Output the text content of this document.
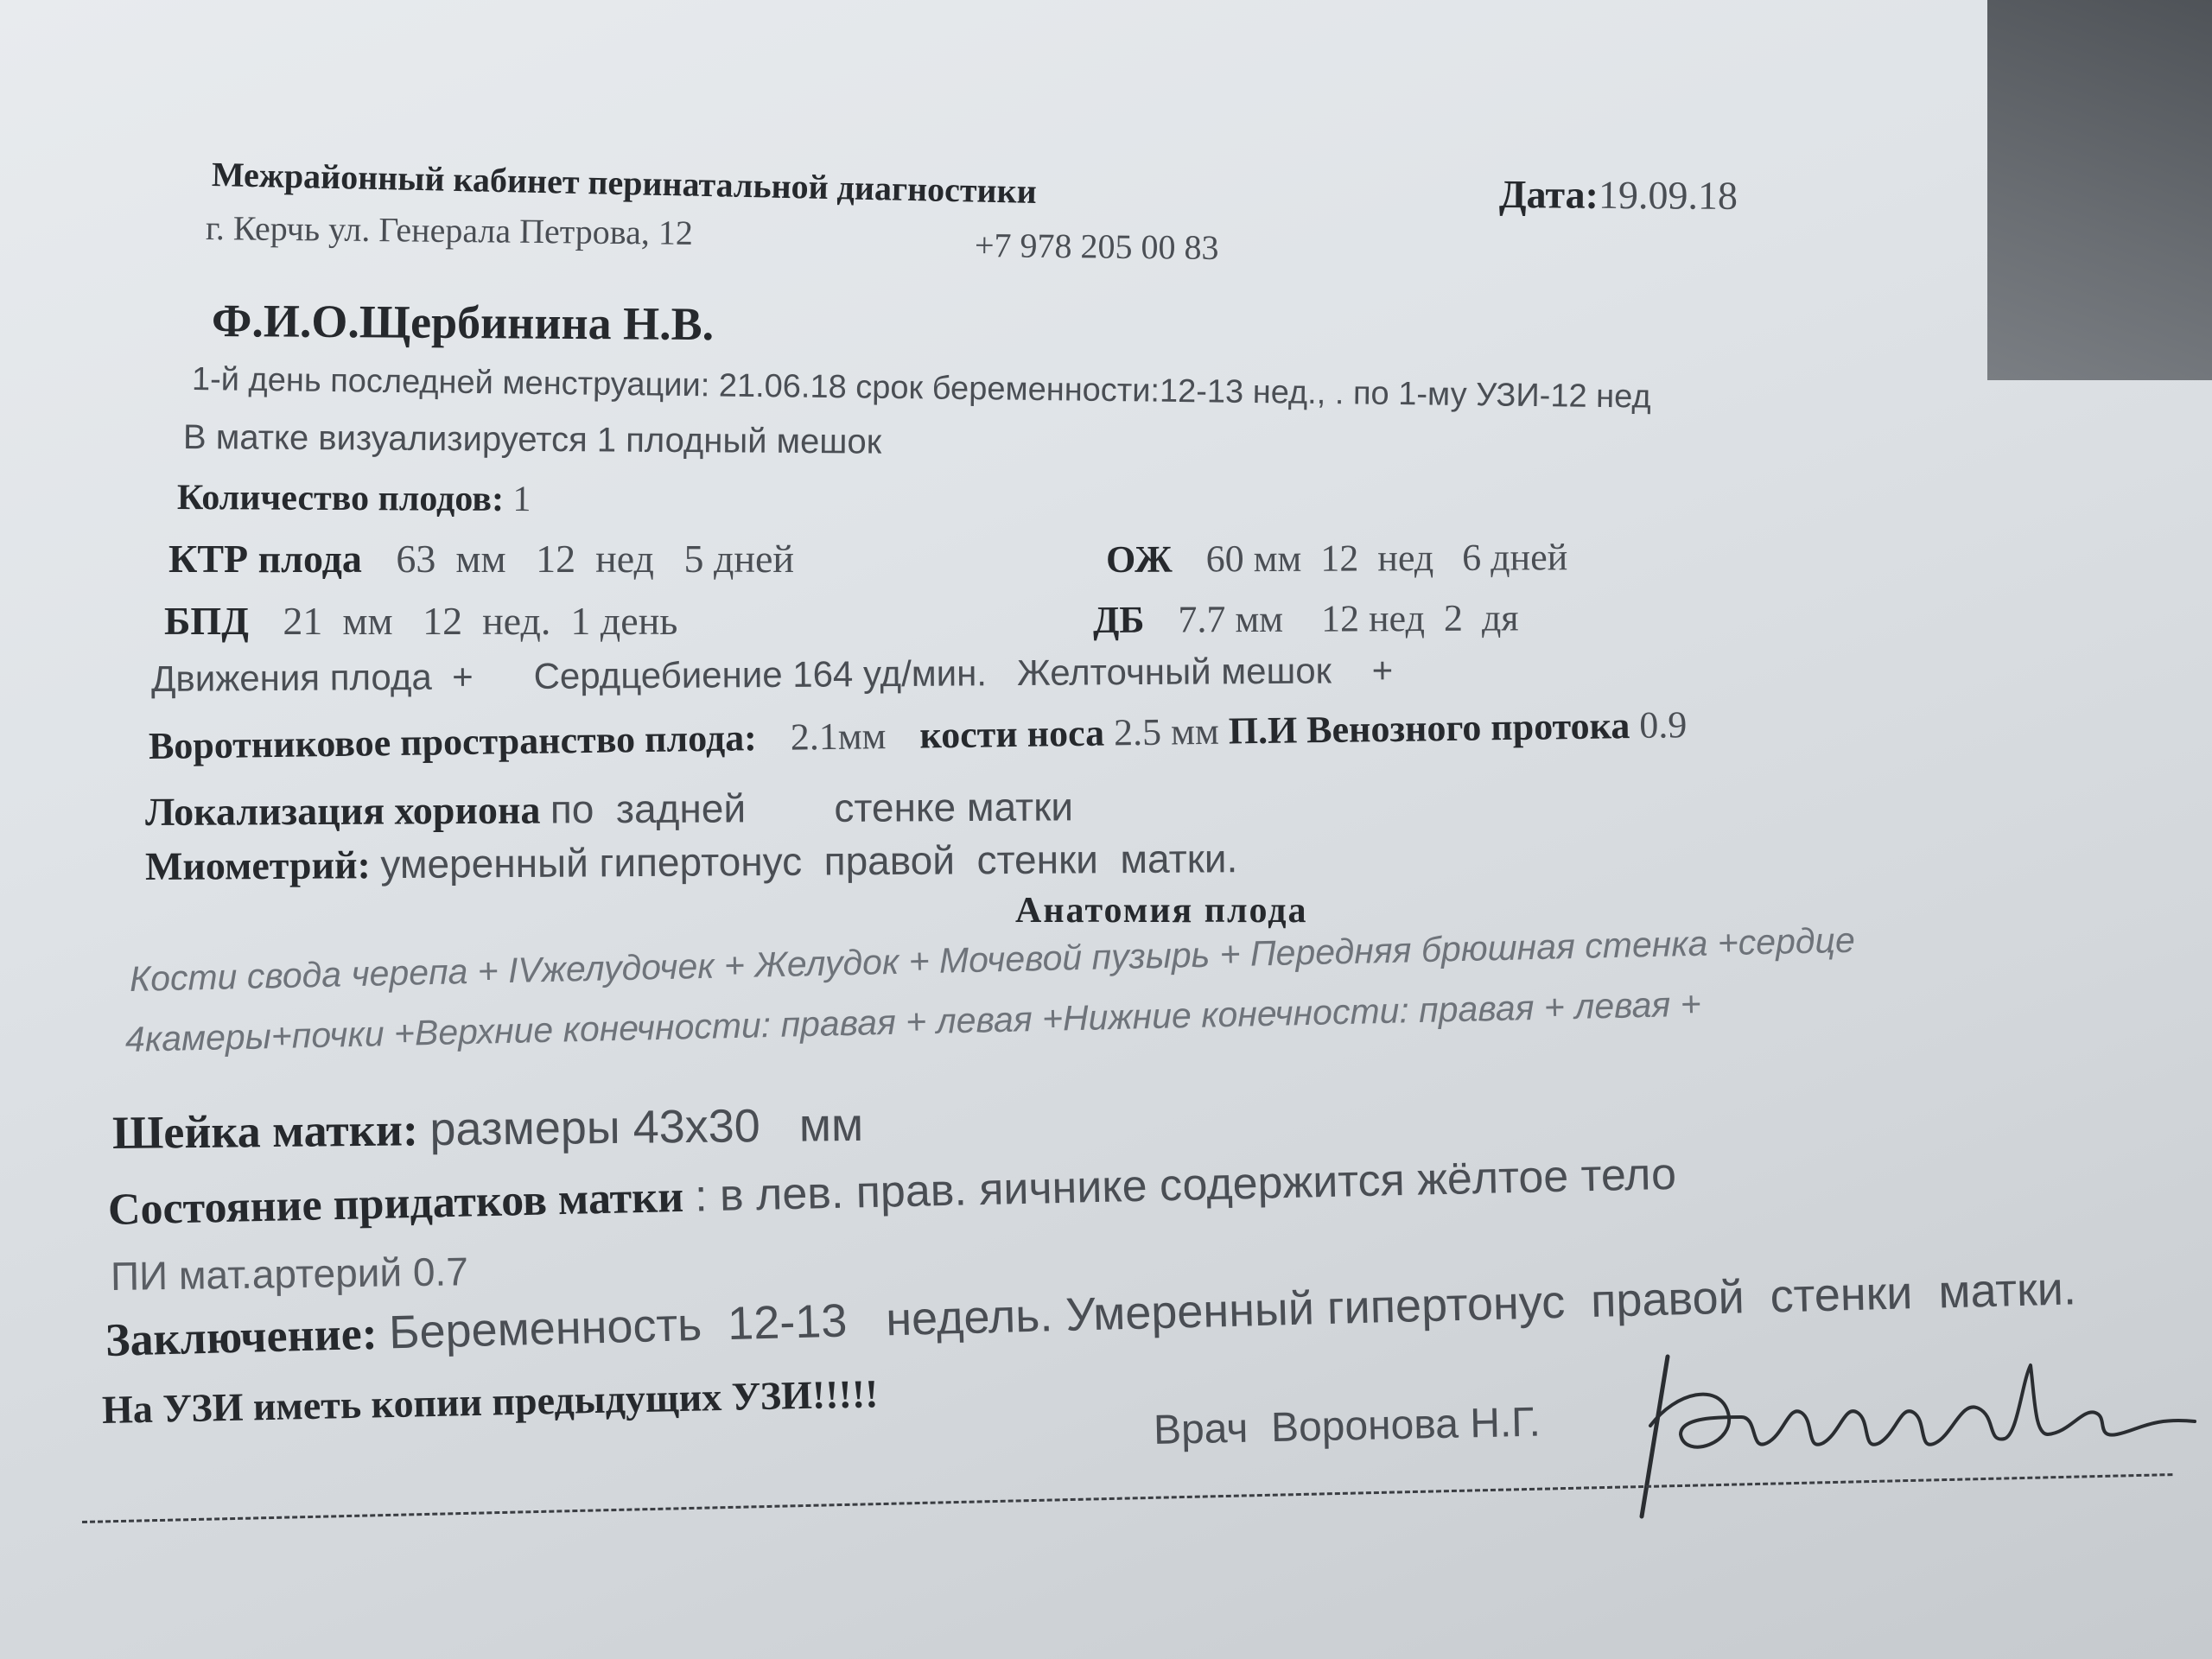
Межрайонный кабинет перинатальной диагностики	Дата:19.09.18
г. Керчь ул. Генерала Петрова, 12	+7 978 205 00 83
Ф.И.О.Щербинина Н.В.
1-й день последней менструации: 21.06.18 срок беременности:12-13 нед., . по 1-му УЗИ-12 нед
В матке визуализируется 1 плодный мешок
Количество плодов: 1
КТР плода 63  мм   12  нед   5 дней	ОЖ 60 мм  12  нед   6 дней
БПД 21  мм   12  нед.  1 день	ДБ 7.7 мм    12 нед  2  дя
Движения плода  +      Сердцебиение 164 уд/мин.   Желточный мешок    +
Воротниковое пространство плода: 2.1мм кости носа 2.5 мм П.И Венозного протока 0.9
Локализация хориона по  задней        стенке матки
Миометрий: умеренный гипертонус  правой  стенки  матки.
Анатомия плода
Кости свода черепа + IVжелудочек + Желудок + Мочевой пузырь + Передняя брюшная стенка +сердце
4камеры+почки +Верхние конечности: правая + левая +Нижние конечности: правая + левая +
Шейка матки: размеры 43х30   мм
Состояние придатков матки : в лев. прав. яичнике содержится жёлтое тело
ПИ мат.артерий 0.7
Заключение: Беременность  12-13   недель. Умеренный гипертонус  правой  стенки  матки.
На УЗИ иметь копии предыдущих УЗИ!!!!!	Врач  Воронова Н.Г.
